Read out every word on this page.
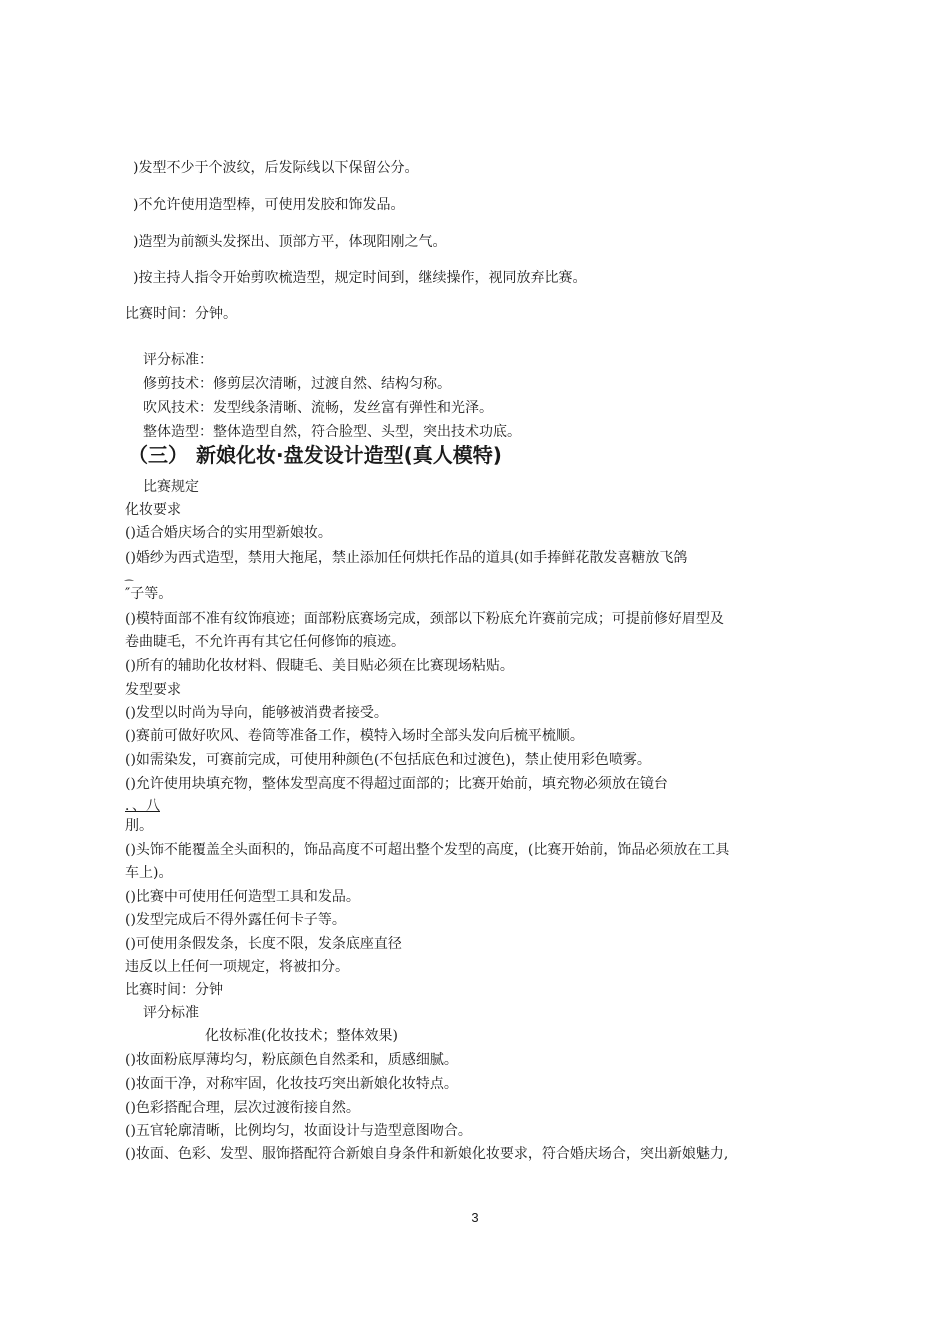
)发型不少于个波纹，后发际线以下保留公分。
)不允许使用造型棒，可使用发胶和饰发品。
)造型为前额头发探出、顶部方平，体现阳刚之气。
)按主持人指令开始剪吹梳造型，规定时间到，继续操作，视同放弃比赛。
比赛时间：分钟。
评分标准：
修剪技术：修剪层次清晰，过渡自然、结构匀称。
吹风技术：发型线条清晰、流畅，发丝富有弹性和光泽。
整体造型：整体造型自然，符合脸型、头型，突出技术功底。
（三） 新娘化妆·盘发设计造型(真人模特)
比赛规定
化妆要求
()适合婚庆场合的实用型新娘妆。
()婚纱为西式造型，禁用大拖尾，禁止添加任何烘托作品的道具(如手捧鲜花散发喜糖放飞鸽
⁔
″子等。
()模特面部不准有纹饰痕迹；面部粉底赛场完成，颈部以下粉底允许赛前完成；可提前修好眉型及
卷曲睫毛，不允许再有其它任何修饰的痕迹。
()所有的辅助化妆材料、假睫毛、美目贴必须在比赛现场粘贴。
发型要求
()发型以时尚为导向，能够被消费者接受。
()赛前可做好吹风、卷筒等准备工作，模特入场时全部头发向后梳平梳顺。
()如需染发，可赛前完成，可使用种颜色(不包括底色和过渡色)，禁止使用彩色喷雾。
()允许使用块填充物，整体发型高度不得超过面部的；比赛开始前，填充物必须放在镜台
．、八
刖。
()头饰不能覆盖全头面积的，饰品高度不可超出整个发型的高度，(比赛开始前，饰品必须放在工具
车上)。
()比赛中可使用任何造型工具和发品。
()发型完成后不得外露任何卡子等。
()可使用条假发条，长度不限，发条底座直径
违反以上任何一项规定，将被扣分。
比赛时间：分钟
评分标准
化妆标准(化妆技术；整体效果)
()妆面粉底厚薄均匀，粉底颜色自然柔和，质感细腻。
()妆面干净，对称牢固，化妆技巧突出新娘化妆特点。
()色彩搭配合理，层次过渡衔接自然。
()五官轮廓清晰，比例均匀，妆面设计与造型意图吻合。
()妆面、色彩、发型、服饰搭配符合新娘自身条件和新娘化妆要求，符合婚庆场合，突出新娘魅力,
3
